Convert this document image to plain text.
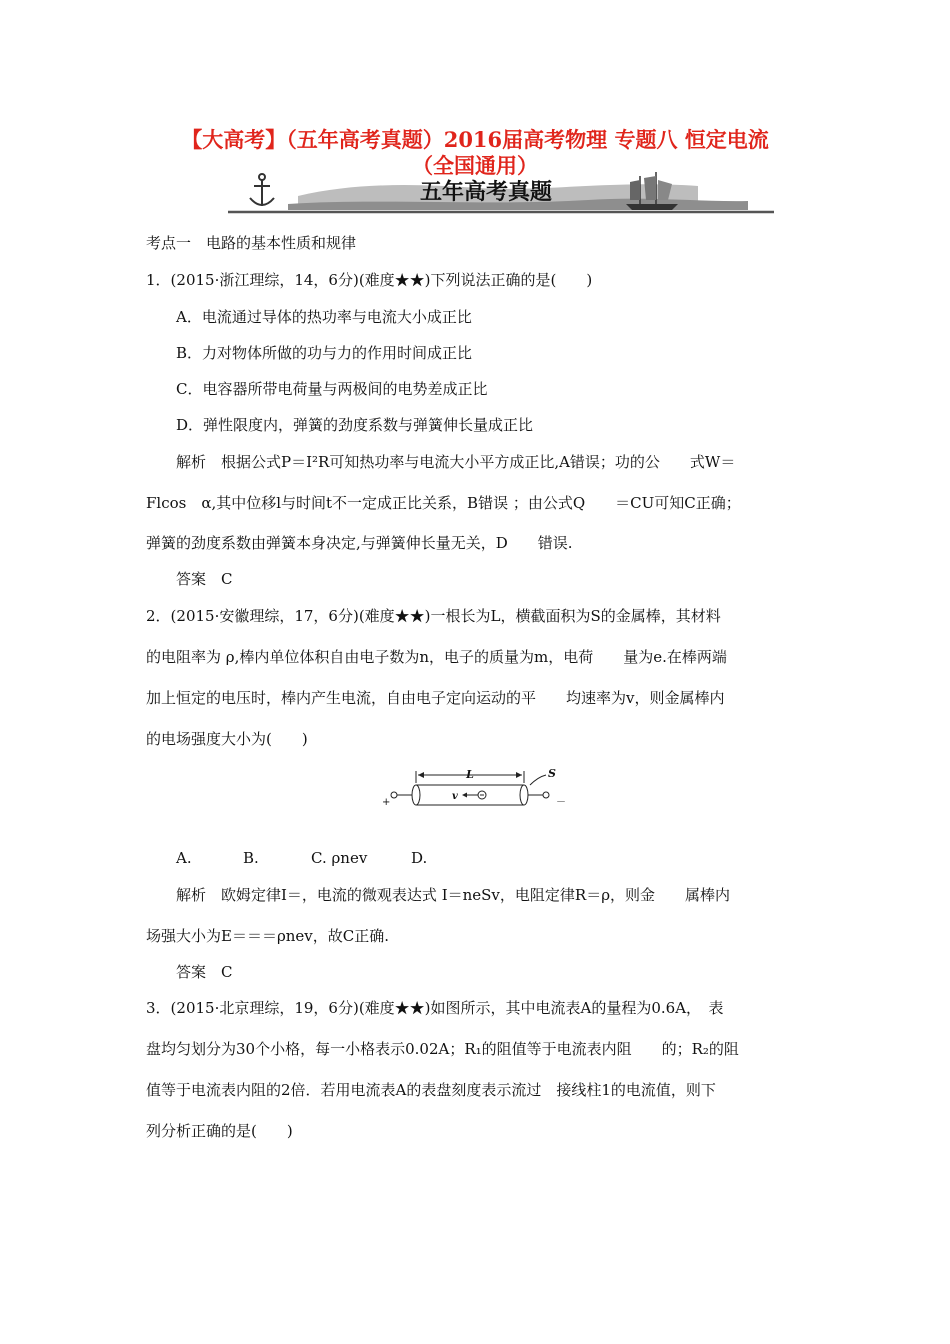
【大高考】（五年高考真题）2016届高考物理 专题八 恒定电流
（全国通用）
五年高考真题
考点一　电路的基本性质和规律
1．(2015·浙江理综，14，6分)(难度★★)下列说法正确的是(　　)
A．电流通过导体的热功率与电流大小成正比
B．力对物体所做的功与力的作用时间成正比
C．电容器所带电荷量与两极间的电势差成正比
D．弹性限度内，弹簧的劲度系数与弹簧伸长量成正比
解析　根据公式P＝I²R可知热功率与电流大小平方成正比,A错误；功的公　　式W＝
Flcos　α,其中位移l与时间t不一定成正比关系，B错误 ；由公式Q　　＝CU可知C正确；
弹簧的劲度系数由弹簧本身决定,与弹簧伸长量无关，D　　错误.
答案　C
2．(2015·安徽理综，17，6分)(难度★★)一根长为L，横截面积为S的金属棒，其材料
的电阻率为 ρ,棒内单位体积自由电子数为n，电子的质量为m，电荷　　量为e.在棒两端
加上恒定的电压时，棒内产生电流，自由电子定向运动的平　　均速率为v，则金属棒内
的电场强度大小为(　　)
L	S
+	－
v
A.	B.	C. ρnev	D.
解析　欧姆定律I＝，电流的微观表达式 I＝neSv，电阻定律R＝ρ，则金　　属棒内
场强大小为E＝＝＝ρnev，故C正确.
答案　C
3．(2015·北京理综，19，6分)(难度★★)如图所示，其中电流表A的量程为0.6A，　表
盘均匀划分为30个小格，每一小格表示0.02A；R₁的阻值等于电流表内阻　　的；R₂的阻
值等于电流表内阻的2倍．若用电流表A的表盘刻度表示流过　接线柱1的电流值，则下
列分析正确的是(　　)
